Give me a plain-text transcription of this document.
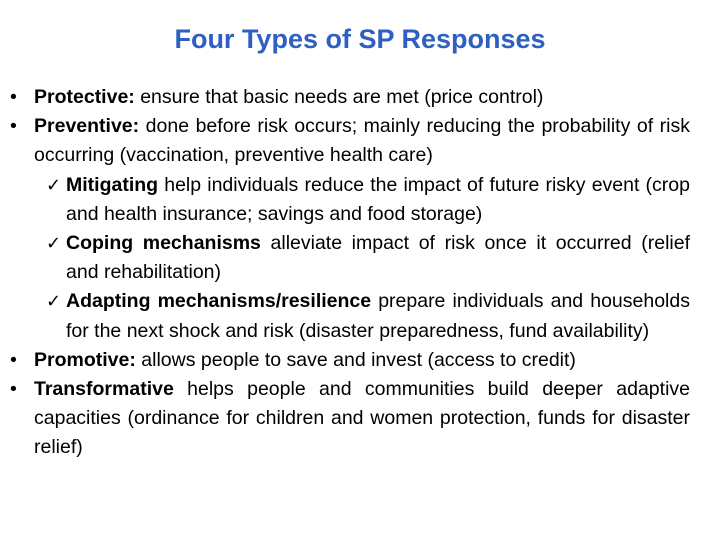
Four Types of SP Responses

• Protective: ensure that basic needs are met (price control)

• Preventive: done before risk occurs; mainly reducing the probability of risk occurring (vaccination, preventive health care)

✓ Mitigating help individuals reduce the impact of future risky event (crop and health insurance; savings and food storage)

✓ Coping mechanisms alleviate impact of risk once it occurred (relief and rehabilitation)

✓ Adapting mechanisms/resilience prepare individuals and households for the next shock and risk (disaster preparedness, fund availability)

• Promotive: allows people to save and invest (access to credit)

• Transformative helps people and communities build deeper adaptive capacities (ordinance for children and women protection, funds for disaster relief)
